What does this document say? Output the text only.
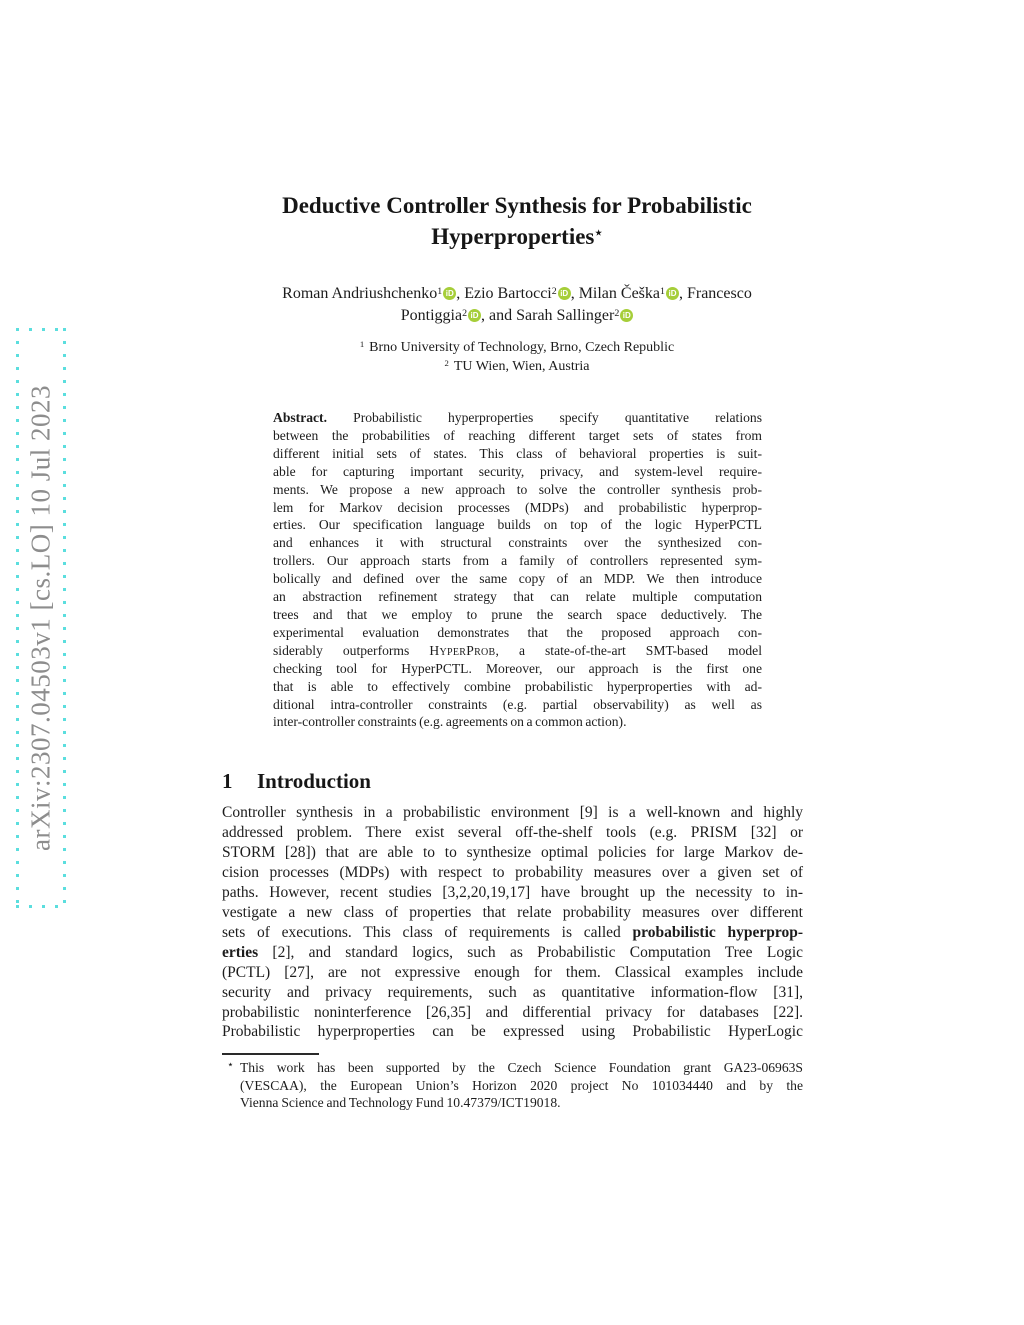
arXiv:2307.04503v1 [cs.LO] 10 Jul 2023
Deductive Controller Synthesis for Probabilistic
Hyperproperties⋆
Roman Andriushchenko$^1$ iD , Ezio Bartocci$^2$ iD , Milan Češka$^1$ iD , Francesco
Pontiggia$^2$ iD , and Sarah Sallinger$^2$ iD
$^1$ Brno University of Technology, Brno, Czech Republic
$^2$ TU Wien, Wien, Austria
Abstract. Probabilistic hyperproperties specify quantitative relations
between the probabilities of reaching different target sets of states from
different initial sets of states. This class of behavioral properties is suit-
able for capturing important security, privacy, and system-level require-
ments. We propose a new approach to solve the controller synthesis prob-
lem for Markov decision processes (MDPs) and probabilistic hyperprop-
erties. Our specification language builds on top of the logic HyperPCTL
and enhances it with structural constraints over the synthesized con-
trollers. Our approach starts from a family of controllers represented sym-
bolically and defined over the same copy of an MDP. We then introduce
an abstraction refinement strategy that can relate multiple computation
trees and that we employ to prune the search space deductively. The
experimental evaluation demonstrates that the proposed approach con-
siderably outperforms HyperProb, a state-of-the-art SMT-based model
checking tool for HyperPCTL. Moreover, our approach is the first one
that is able to effectively combine probabilistic hyperproperties with ad-
ditional intra-controller constraints (e.g. partial observability) as well as
inter-controller constraints (e.g. agreements on a common action).
1 Introduction
Controller synthesis in a probabilistic environment [9] is a well-known and highly
addressed problem. There exist several off-the-shelf tools (e.g. PRISM [32] or
STORM [28]) that are able to to synthesize optimal policies for large Markov de-
cision processes (MDPs) with respect to probability measures over a given set of
paths. However, recent studies [3,2,20,19,17] have brought up the necessity to in-
vestigate a new class of properties that relate probability measures over different
sets of executions. This class of requirements is called probabilistic hyperprop-
erties [2], and standard logics, such as Probabilistic Computation Tree Logic
(PCTL) [27], are not expressive enough for them. Classical examples include
security and privacy requirements, such as quantitative information-flow [31],
probabilistic noninterference [26,35] and differential privacy for databases [22].
Probabilistic hyperproperties can be expressed using Probabilistic HyperLogic
⋆ This work has been supported by the Czech Science Foundation grant GA23-06963S
(VESCAA), the European Union’s Horizon 2020 project No 101034440 and by the
Vienna Science and Technology Fund 10.47379/ICT19018.
